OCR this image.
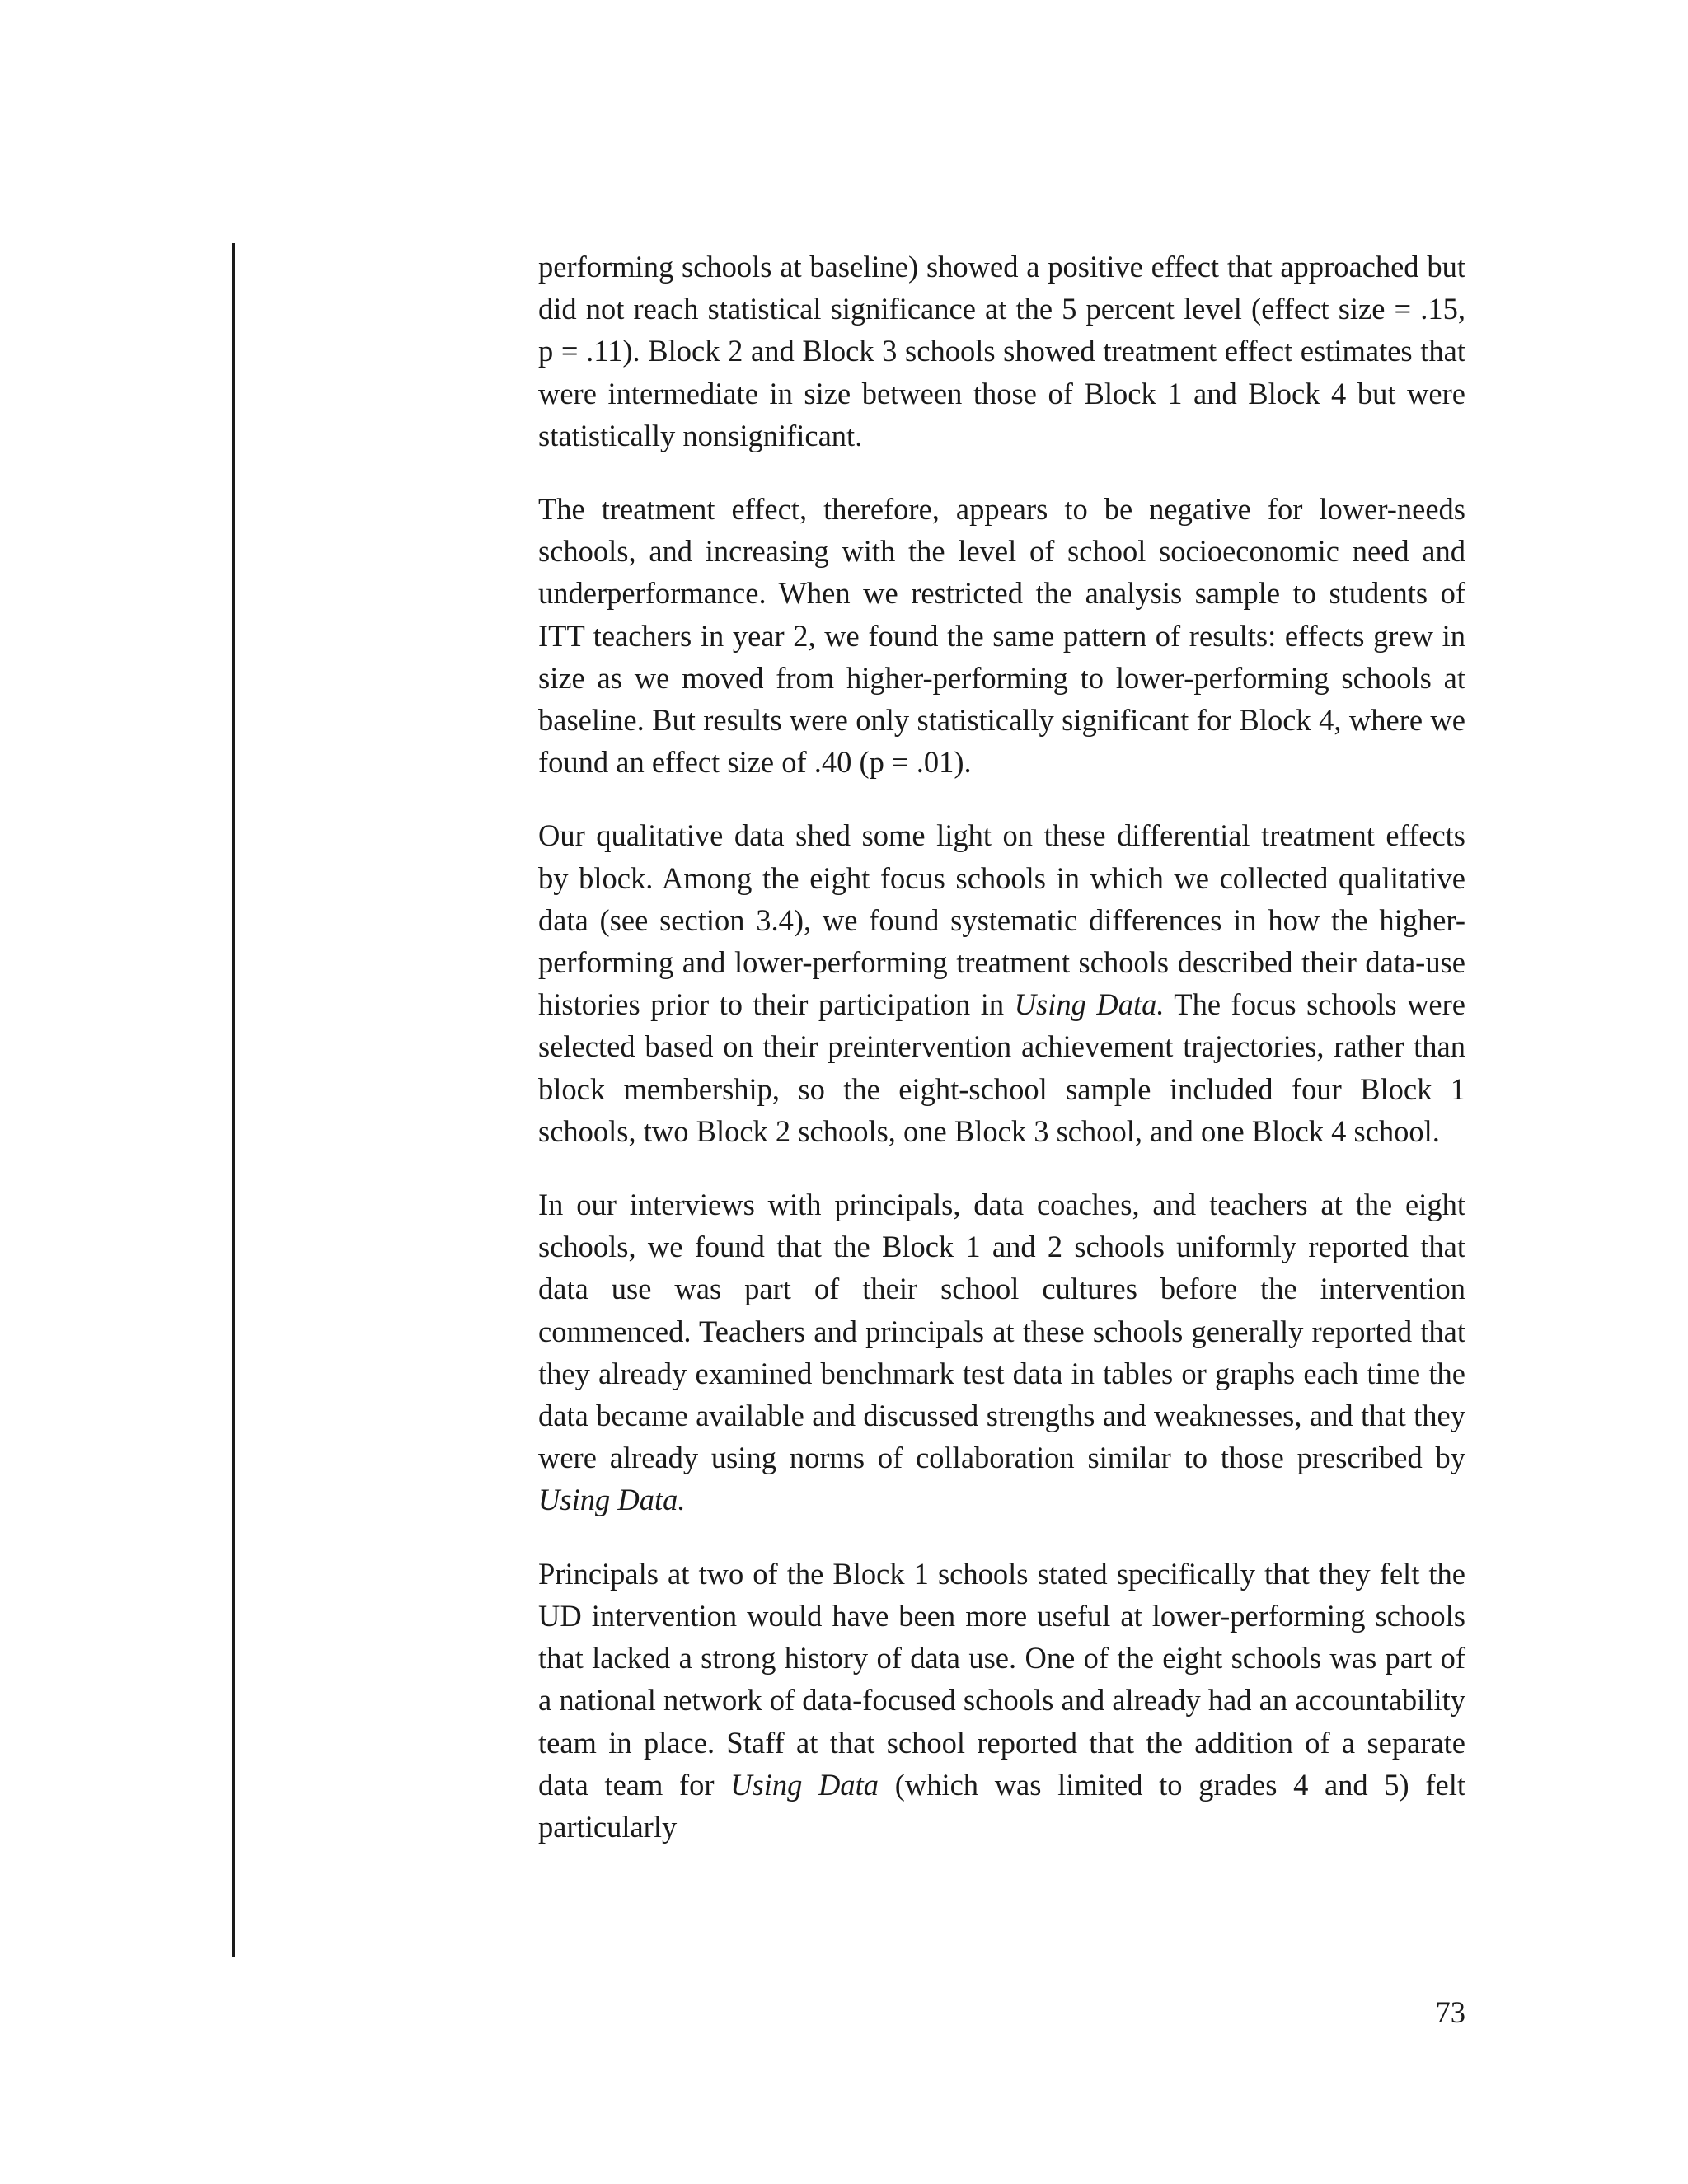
performing schools at baseline) showed a positive effect that approached but did not reach statistical significance at the 5 percent level (effect size = .15, p = .11). Block 2 and Block 3 schools showed treatment effect estimates that were intermediate in size between those of Block 1 and Block 4 but were statistically nonsignificant.

The treatment effect, therefore, appears to be negative for lower-needs schools, and increasing with the level of school socioeconomic need and underperformance. When we restricted the analysis sample to students of ITT teachers in year 2, we found the same pattern of results: effects grew in size as we moved from higher-performing to lower-performing schools at baseline. But results were only statistically significant for Block 4, where we found an effect size of .40 (p = .01).

Our qualitative data shed some light on these differential treatment effects by block. Among the eight focus schools in which we collected qualitative data (see section 3.4), we found systematic differences in how the higher-performing and lower-performing treatment schools described their data-use histories prior to their participation in Using Data. The focus schools were selected based on their preintervention achievement trajectories, rather than block membership, so the eight-school sample included four Block 1 schools, two Block 2 schools, one Block 3 school, and one Block 4 school.

In our interviews with principals, data coaches, and teachers at the eight schools, we found that the Block 1 and 2 schools uniformly reported that data use was part of their school cultures before the intervention commenced. Teachers and principals at these schools generally reported that they already examined benchmark test data in tables or graphs each time the data became available and discussed strengths and weaknesses, and that they were already using norms of collaboration similar to those prescribed by Using Data.

Principals at two of the Block 1 schools stated specifically that they felt the UD intervention would have been more useful at lower-performing schools that lacked a strong history of data use. One of the eight schools was part of a national network of data-focused schools and already had an accountability team in place. Staff at that school reported that the addition of a separate data team for Using Data (which was limited to grades 4 and 5) felt particularly

73
